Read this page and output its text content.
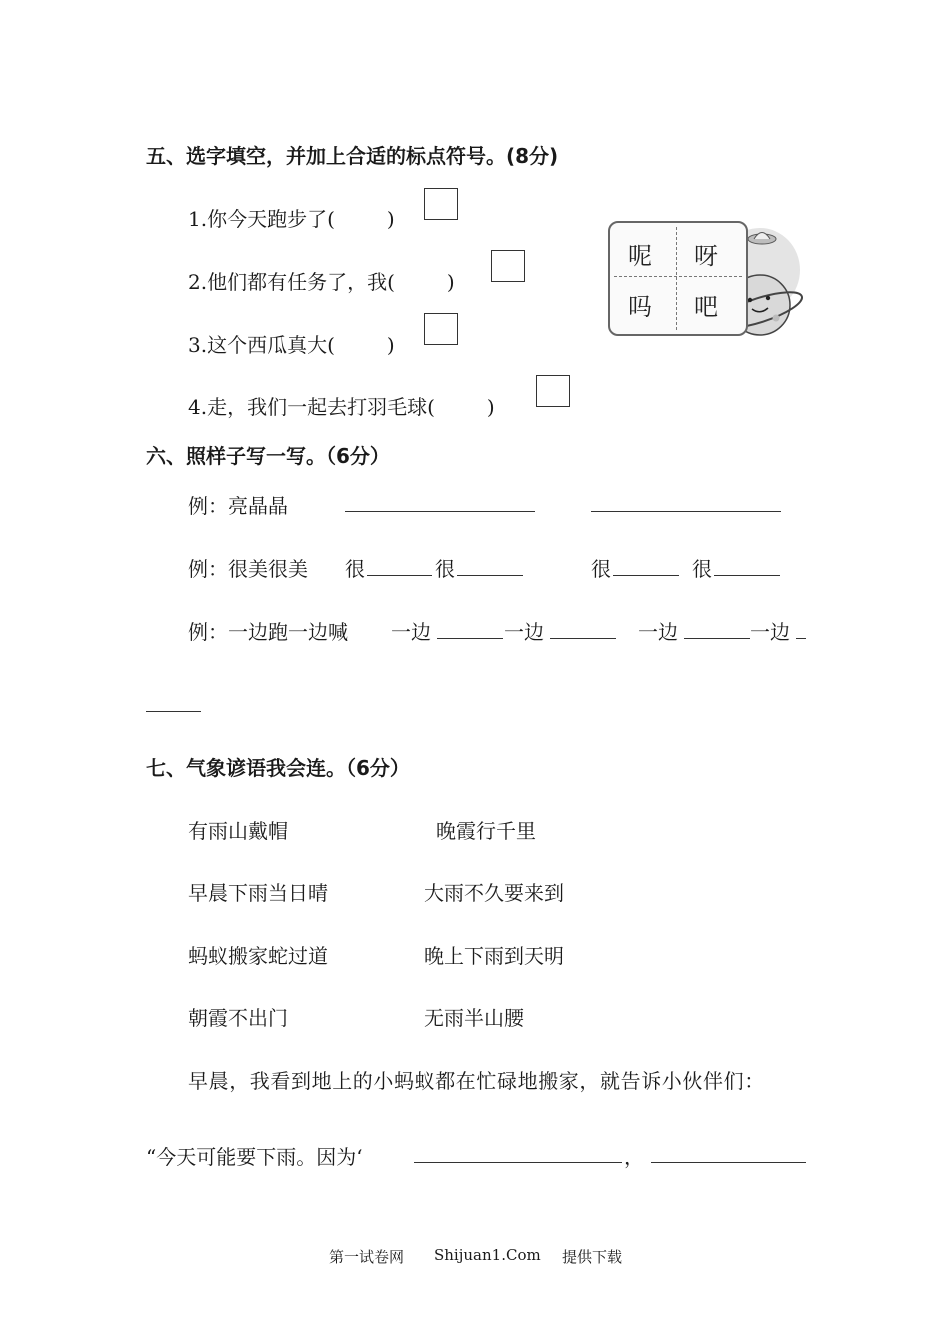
五、选字填空，并加上合适的标点符号。(8分)
1.你今天跑步了(	)
2.他们都有任务了，我(	)
3.这个西瓜真大(	)
4.走，我们一起去打羽毛球(	)
呢 呀
吗 吧
六、照样子写一写。（6分）
例：亮晶晶
例：很美很美 很	很	很	很
例：一边跑一边喊 一边	一边	一边	一边
七、气象谚语我会连。（6分）
有雨山戴帽	晚霞行千里
早晨下雨当日晴	大雨不久要来到
蚂蚁搬家蛇过道	晚上下雨到天明
朝霞不出门	无雨半山腰
早晨，我看到地上的小蚂蚁都在忙碌地搬家，就告诉小伙伴们：
“今天可能要下雨。因为‘	，
第一试卷网 Shijuan1.Com 提供下载
